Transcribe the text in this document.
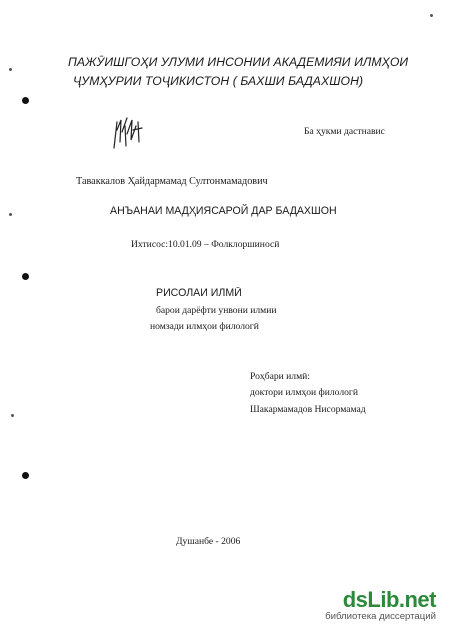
ПАЖӮИШГОҲИ УЛУМИ ИНСОНИИ АКАДЕМИЯИ ИЛМҲОИ
ҶУМҲУРИИ ТОҶИКИСТОН ( БАХШИ БАДАХШОН)
Ба ҳукми дастнавис
Таваккалов Ҳайдармамад Султонмамадович
АНЪАНАИ МАДҲИЯСАРОЙ ДАР БАДАХШОН
Ихтисос:10.01.09 – Фолклоршиносӣ
РИСОЛАИ ИЛМӢ
барои дарёфти унвони илмии
номзади илмҳои филологӣ
Роҳбари илмӣ:
доктори илмҳои филологӣ
Шакармамадов Нисормамад
Душанбе - 2006
dsLib.net
библиотека диссертаций
